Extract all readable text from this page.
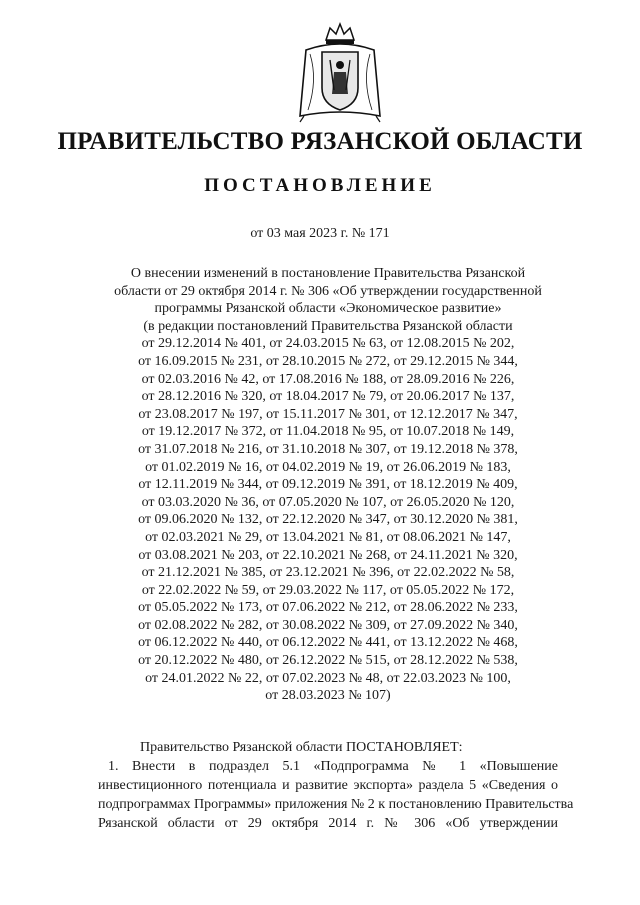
ПРАВИТЕЛЬСТВО РЯЗАНСКОЙ ОБЛАСТИ
ПОСТАНОВЛЕНИЕ
от 03 мая 2023 г. № 171
О внесении изменений в постановление Правительства Рязанской
области от 29 октября 2014 г. № 306 «Об утверждении государственной
программы Рязанской области «Экономическое развитие»
(в редакции постановлений Правительства Рязанской области
от 29.12.2014 № 401, от 24.03.2015 № 63, от 12.08.2015 № 202,
от 16.09.2015 № 231, от 28.10.2015 № 272, от 29.12.2015 № 344,
от 02.03.2016 № 42, от 17.08.2016 № 188, от 28.09.2016 № 226,
от 28.12.2016 № 320, от 18.04.2017 № 79, от 20.06.2017 № 137,
от 23.08.2017 № 197, от 15.11.2017 № 301, от 12.12.2017 № 347,
от 19.12.2017 № 372, от 11.04.2018 № 95, от 10.07.2018 № 149,
от 31.07.2018 № 216, от 31.10.2018 № 307, от 19.12.2018 № 378,
от 01.02.2019 № 16, от 04.02.2019 № 19, от 26.06.2019 № 183,
от 12.11.2019 № 344, от 09.12.2019 № 391, от 18.12.2019 № 409,
от 03.03.2020 № 36, от 07.05.2020 № 107, от 26.05.2020 № 120,
от 09.06.2020 № 132, от 22.12.2020 № 347, от 30.12.2020 № 381,
от 02.03.2021 № 29, от 13.04.2021 № 81, от 08.06.2021 № 147,
от 03.08.2021 № 203, от 22.10.2021 № 268, от 24.11.2021 № 320,
от 21.12.2021 № 385, от 23.12.2021 № 396, от 22.02.2022 № 58,
от 22.02.2022 № 59, от 29.03.2022 № 117, от 05.05.2022 № 172,
от 05.05.2022 № 173, от 07.06.2022 № 212, от 28.06.2022 № 233,
от 02.08.2022 № 282, от 30.08.2022 № 309, от 27.09.2022 № 340,
от 06.12.2022 № 440, от 06.12.2022 № 441, от 13.12.2022 № 468,
от 20.12.2022 № 480, от 26.12.2022 № 515, от 28.12.2022 № 538,
от 24.01.2022 № 22, от 07.02.2023 № 48, от 22.03.2023 № 100,
от 28.03.2023 № 107)
Правительство Рязанской области ПОСТАНОВЛЯЕТ:
1. Внести в подраздел 5.1 «Подпрограмма № 1 «Повышение
инвестиционного потенциала и развитие экспорта» раздела 5 «Сведения о
подпрограммах Программы» приложения № 2 к постановлению Правительства
Рязанской области от 29 октября 2014 г. № 306 «Об утверждении
